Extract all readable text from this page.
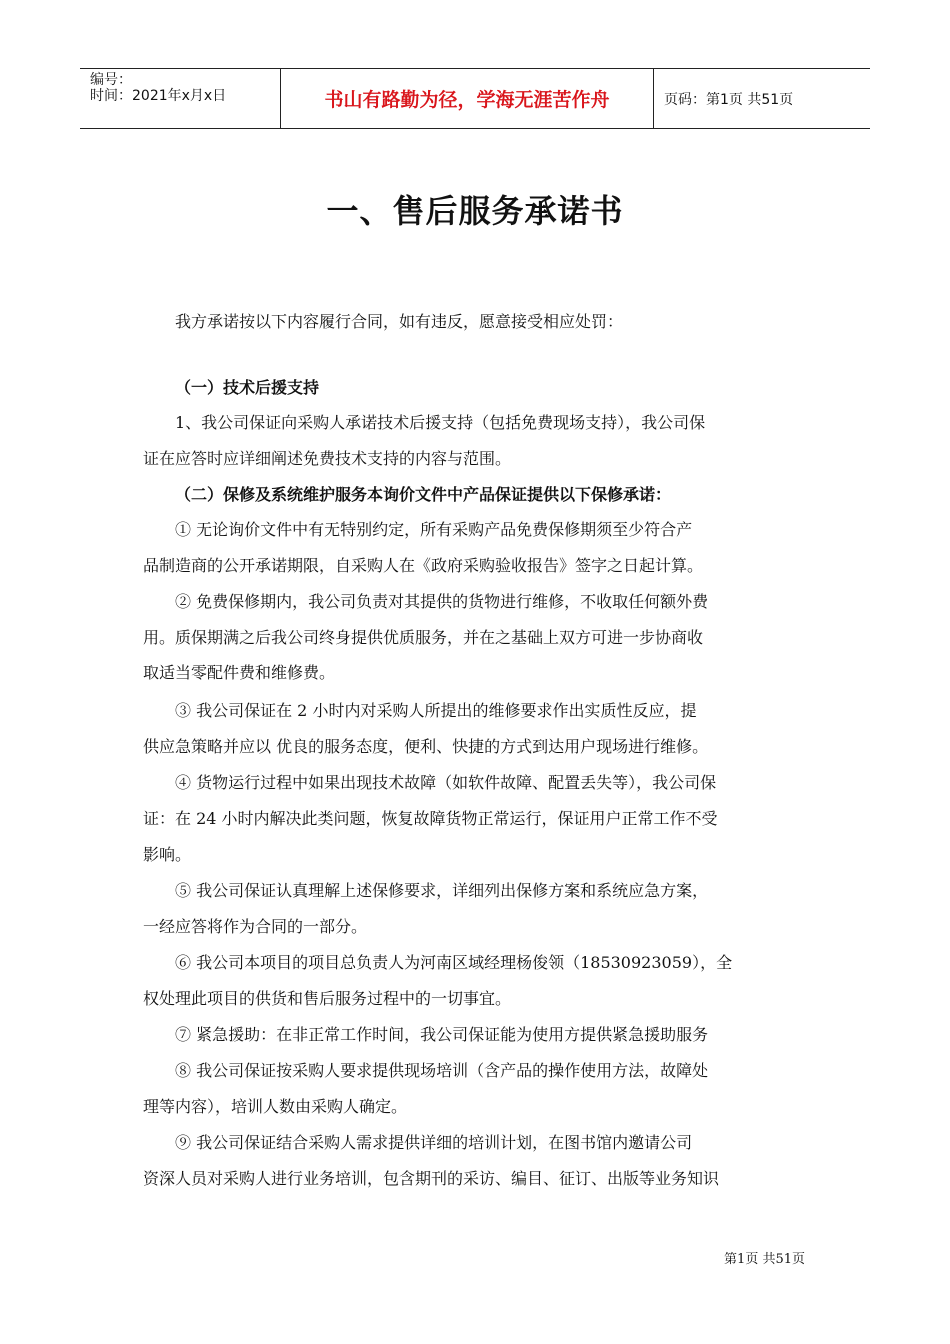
编号：
时间：2021年x月x日	书山有路勤为径，学海无涯苦作舟	页码：第1页 共51页
一、售后服务承诺书
我方承诺按以下内容履行合同，如有违反，愿意接受相应处罚：
（一）技术后援支持
1、我公司保证向采购人承诺技术后援支持（包括免费现场支持），我公司保
证在应答时应详细阐述免费技术支持的内容与范围。
（二）保修及系统维护服务本询价文件中产品保证提供以下保修承诺：
① 无论询价文件中有无特别约定，所有采购产品免费保修期须至少符合产
品制造商的公开承诺期限，自采购人在《政府采购验收报告》签字之日起计算。
② 免费保修期内，我公司负责对其提供的货物进行维修，不收取任何额外费
用。质保期满之后我公司终身提供优质服务，并在之基础上双方可进一步协商收
取适当零配件费和维修费。
③ 我公司保证在 2 小时内对采购人所提出的维修要求作出实质性反应，提
供应急策略并应以 优良的服务态度，便利、快捷的方式到达用户现场进行维修。
④ 货物运行过程中如果出现技术故障（如软件故障、配置丢失等），我公司保
证：在 24 小时内解决此类问题，恢复故障货物正常运行，保证用户正常工作不受
影响。
⑤ 我公司保证认真理解上述保修要求，详细列出保修方案和系统应急方案，
一经应答将作为合同的一部分。
⑥ 我公司本项目的项目总负责人为河南区域经理杨俊领（18530923059），全
权处理此项目的供货和售后服务过程中的一切事宜。
⑦ 紧急援助：在非正常工作时间，我公司保证能为使用方提供紧急援助服务
⑧ 我公司保证按采购人要求提供现场培训（含产品的操作使用方法，故障处
理等内容），培训人数由采购人确定。
⑨ 我公司保证结合采购人需求提供详细的培训计划，在图书馆内邀请公司
资深人员对采购人进行业务培训，包含期刊的采访、编目、征订、出版等业务知识
第1页 共51页
